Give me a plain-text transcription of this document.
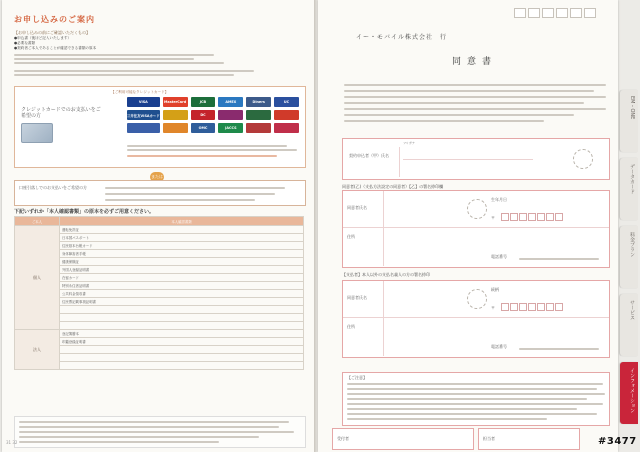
お申し込みのご案内
【お申し込みの前にご確認いただくもの】
●申込書（後ほど記入いたします）
●必要な書類　
●契約者ご本人であることが確認できる書類の原本
【ご利用可能なクレジットカード】
クレジットカードでのお支払いをご希望の方
VISA	MasterCard	JCB	AMEX	Diners	UC
三井住友VISAカード	DC
OMC	JACCS
または
口座引落しでのお支払いをご希望の方
下記いずれか「本人確認書類」の原本を必ずご用意ください。
ご本人	本人確認書類
個人	運転免許証
	日本国パスポート
	住民基本台帳カード
	身体障害者手帳
	健康保険証
	外国人登録証明書
	在留カード
	特別永住者証明書
	公共料金領収書
	住民票記載事項証明書

法人	登記簿謄本
	印鑑登録証明書

31 32
イー・モバイル株式会社　行
同意書
フリガナ
契約申込者（甲）氏名
同意者(乙)（支払方法設定の同意者）【乙】の署名捺印欄
同意者氏名
生年月日
〒
住所
電話番号
【支払者】本人以外の支払名義人の方の署名捺印
同意者氏名
続柄
〒
住所
電話番号
【ご注意】
受付者	担当者
EM・ONE
データカード
料金プラン
サービス
インフォメーション
#3477
